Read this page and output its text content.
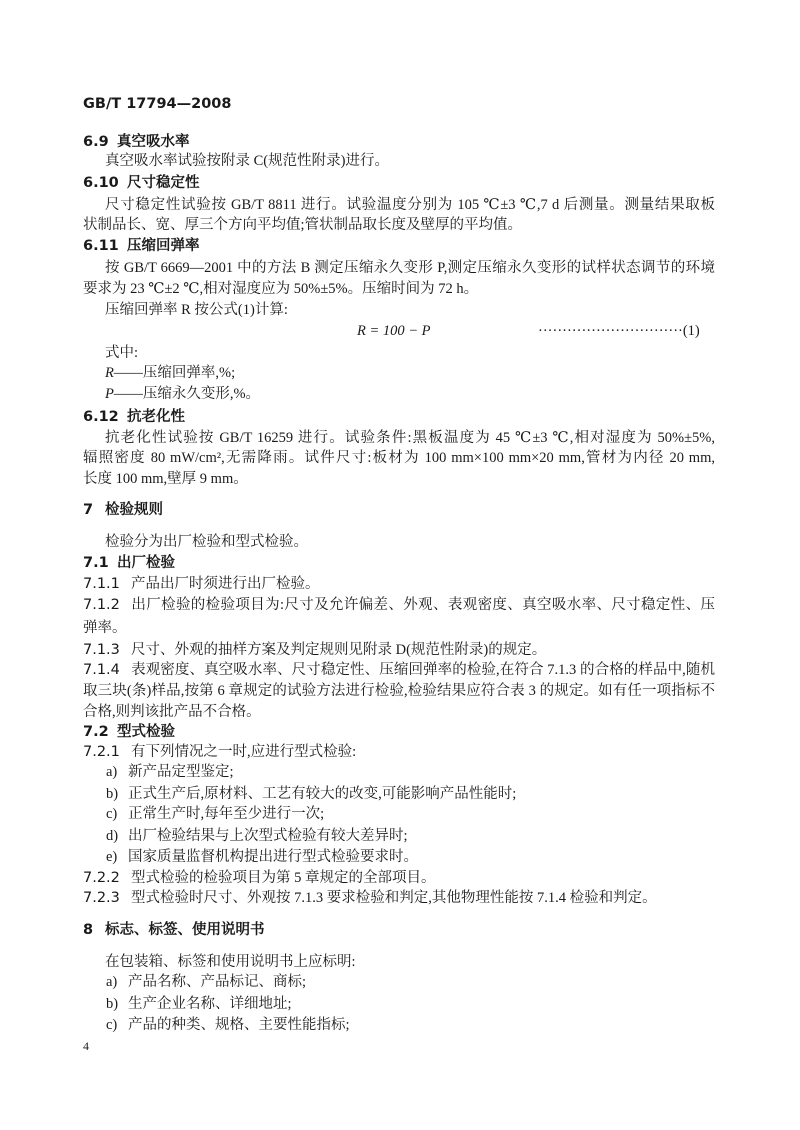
GB/T 17794—2008
6.9 真空吸水率
真空吸水率试验按附录 C(规范性附录)进行。
6.10 尺寸稳定性
尺寸稳定性试验按 GB/T 8811 进行。试验温度分别为 105 ℃±3 ℃,7 d 后测量。测量结果取板
状制品长、宽、厚三个方向平均值;管状制品取长度及壁厚的平均值。
6.11 压缩回弹率
按 GB/T 6669—2001 中的方法 B 测定压缩永久变形 P,测定压缩永久变形的试样状态调节的环境
要求为 23 ℃±2 ℃,相对湿度应为 50%±5%。压缩时间为 72 h。
压缩回弹率 R 按公式(1)计算:
R = 100 − P	······························(1)
式中:
R——压缩回弹率,%;
P——压缩永久变形,%。
6.12 抗老化性
抗老化性试验按 GB/T 16259 进行。试验条件:黑板温度为 45 ℃±3 ℃,相对湿度为 50%±5%,
辐照密度 80 mW/cm²,无需降雨。试件尺寸:板材为 100 mm×100 mm×20 mm,管材为内径 20 mm,
长度 100 mm,壁厚 9 mm。
7 检验规则
检验分为出厂检验和型式检验。
7.1 出厂检验
7.1.1 产品出厂时须进行出厂检验。
7.1.2 出厂检验的检验项目为:尺寸及允许偏差、外观、表观密度、真空吸水率、尺寸稳定性、压
弹率。
7.1.3 尺寸、外观的抽样方案及判定规则见附录 D(规范性附录)的规定。
7.1.4 表观密度、真空吸水率、尺寸稳定性、压缩回弹率的检验,在符合 7.1.3 的合格的样品中,随机
取三块(条)样品,按第 6 章规定的试验方法进行检验,检验结果应符合表 3 的规定。如有任一项指标不
合格,则判该批产品不合格。
7.2 型式检验
7.2.1 有下列情况之一时,应进行型式检验:
a) 新产品定型鉴定;
b) 正式生产后,原材料、工艺有较大的改变,可能影响产品性能时;
c) 正常生产时,每年至少进行一次;
d) 出厂检验结果与上次型式检验有较大差异时;
e) 国家质量监督机构提出进行型式检验要求时。
7.2.2 型式检验的检验项目为第 5 章规定的全部项目。
7.2.3 型式检验时尺寸、外观按 7.1.3 要求检验和判定,其他物理性能按 7.1.4 检验和判定。
8 标志、标签、使用说明书
在包装箱、标签和使用说明书上应标明:
a) 产品名称、产品标记、商标;
b) 生产企业名称、详细地址;
c) 产品的种类、规格、主要性能指标;
4
